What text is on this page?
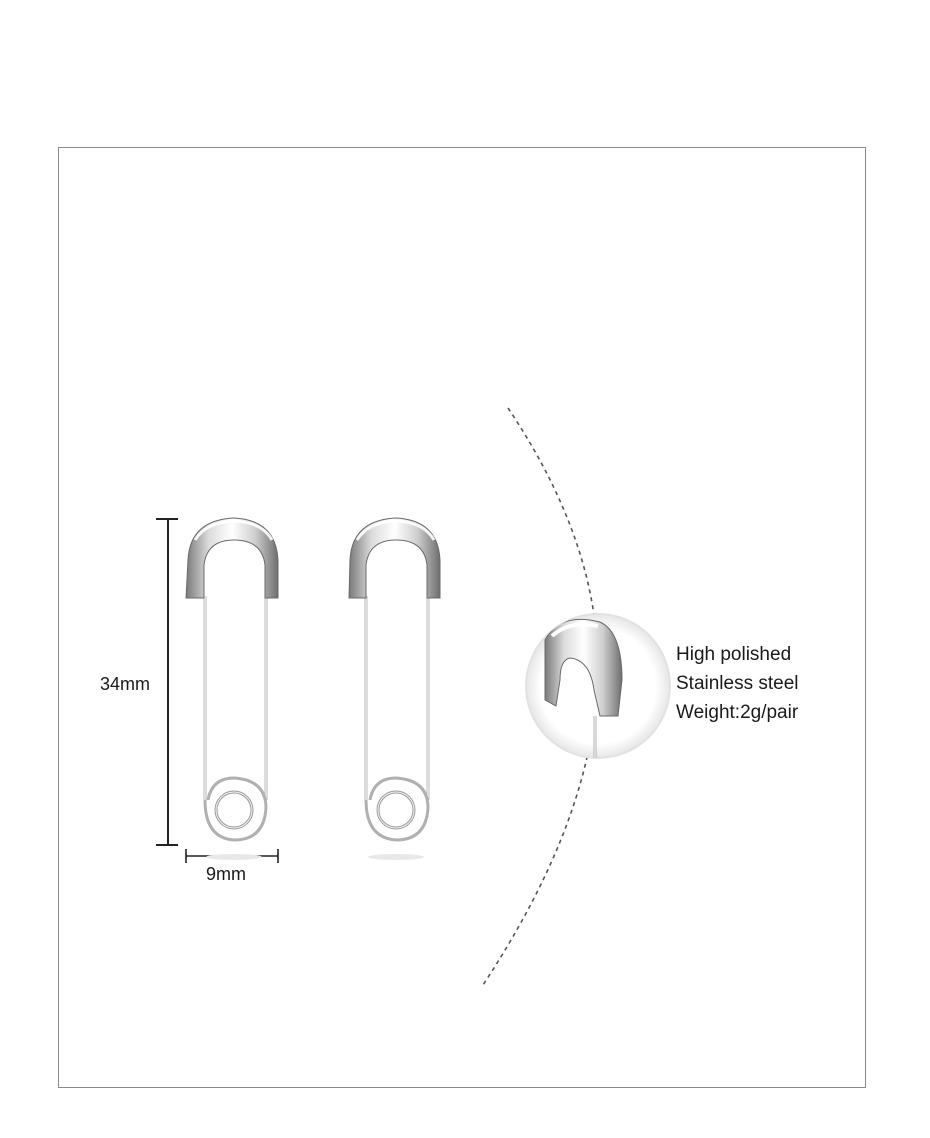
34mm
9mm
High polished
Stainless steel
Weight:2g/pair
